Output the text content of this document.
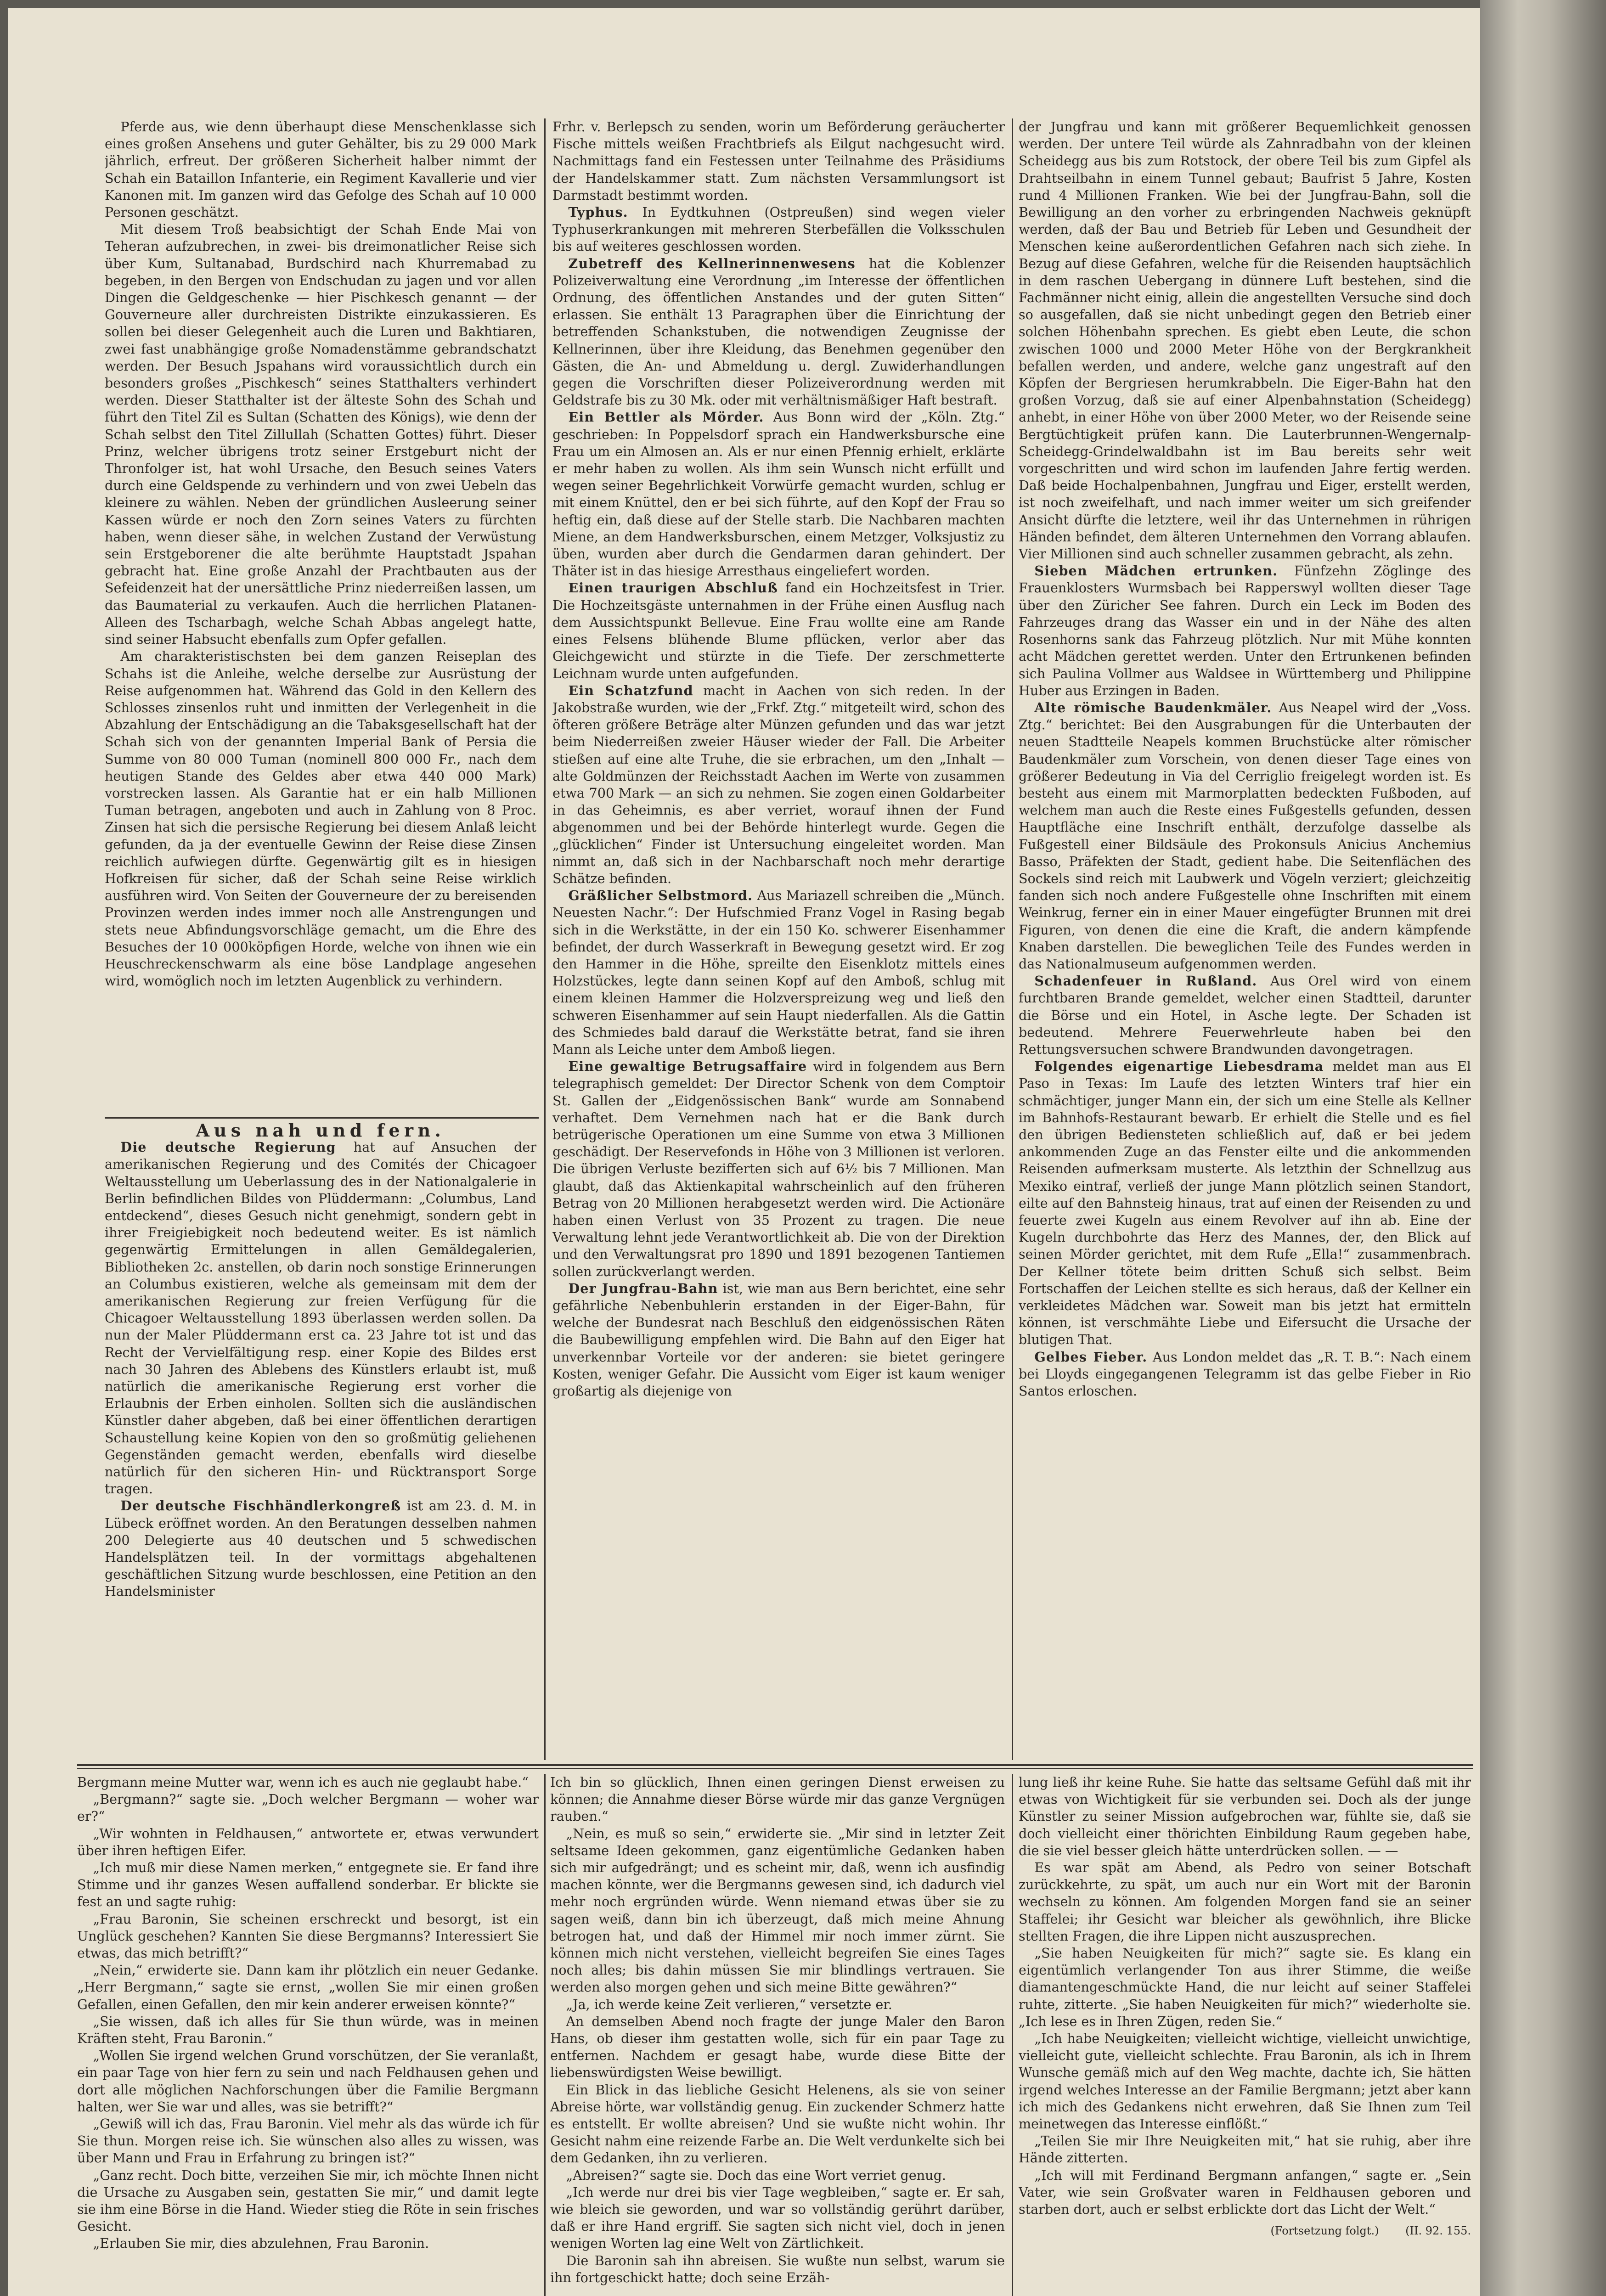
Pferde aus, wie denn überhaupt diese Menschenklasse sich eines großen Ansehens und guter Gehälter, bis zu 29 000 Mark jährlich, erfreut. Der größeren Sicherheit halber nimmt der Schah ein Bataillon Infanterie, ein Regiment Kavallerie und vier Kanonen mit. Im ganzen wird das Gefolge des Schah auf 10 000 Personen geschätzt.

Mit diesem Troß beabsichtigt der Schah Ende Mai von Teheran aufzubrechen, in zwei- bis dreimonatlicher Reise sich über Kum, Sultanabad, Burdschird nach Khurremabad zu begeben, in den Bergen von Endschudan zu jagen und vor allen Dingen die Geldgeschenke — hier Pischkesch genannt — der Gouverneure aller durchreisten Distrikte einzukassieren. Es sollen bei dieser Gelegenheit auch die Luren und Bakhtiaren, zwei fast unabhängige große Nomadenstämme gebrandschatzt werden. Der Besuch Jspahans wird voraussichtlich durch ein besonders großes „Pischkesch“ seines Statthalters verhindert werden. Dieser Statthalter ist der älteste Sohn des Schah und führt den Titel Zil es Sultan (Schatten des Königs), wie denn der Schah selbst den Titel Zillullah (Schatten Gottes) führt. Dieser Prinz, welcher übrigens trotz seiner Erstgeburt nicht der Thronfolger ist, hat wohl Ursache, den Besuch seines Vaters durch eine Geldspende zu verhindern und von zwei Uebeln das kleinere zu wählen. Neben der gründlichen Ausleerung seiner Kassen würde er noch den Zorn seines Vaters zu fürchten haben, wenn dieser sähe, in welchen Zustand der Verwüstung sein Erstgeborener die alte berühmte Hauptstadt Jspahan gebracht hat. Eine große Anzahl der Prachtbauten aus der Sefeidenzeit hat der unersättliche Prinz niederreißen lassen, um das Baumaterial zu verkaufen. Auch die herrlichen Platanen-Alleen des Tscharbagh, welche Schah Abbas angelegt hatte, sind seiner Habsucht ebenfalls zum Opfer gefallen.

Am charakteristischsten bei dem ganzen Reiseplan des Schahs ist die Anleihe, welche derselbe zur Ausrüstung der Reise aufgenommen hat. Während das Gold in den Kellern des Schlosses zinsenlos ruht und inmitten der Verlegenheit in die Abzahlung der Entschädigung an die Tabaksgesellschaft hat der Schah sich von der genannten Imperial Bank of Persia die Summe von 80 000 Tuman (nominell 800 000 Fr., nach dem heutigen Stande des Geldes aber etwa 440 000 Mark) vorstrecken lassen. Als Garantie hat er ein halb Millionen Tuman betragen, angeboten und auch in Zahlung von 8 Proc. Zinsen hat sich die persische Regierung bei diesem Anlaß leicht gefunden, da ja der eventuelle Gewinn der Reise diese Zinsen reichlich aufwiegen dürfte. Gegenwärtig gilt es in hiesigen Hofkreisen für sicher, daß der Schah seine Reise wirklich ausführen wird. Von Seiten der Gouverneure der zu bereisenden Provinzen werden indes immer noch alle Anstrengungen und stets neue Abfindungsvorschläge gemacht, um die Ehre des Besuches der 10 000köpfigen Horde, welche von ihnen wie ein Heuschreckenschwarm als eine böse Landplage angesehen wird, womöglich noch im letzten Augenblick zu verhindern.

Aus nah und fern.

Die deutsche Regierung hat auf Ansuchen der amerikanischen Regierung und des Comités der Chicagoer Weltausstellung um Ueberlassung des in der Nationalgalerie in Berlin befindlichen Bildes von Plüddermann: „Columbus, Land entdeckend“, dieses Gesuch nicht genehmigt, sondern gebt in ihrer Freigiebigkeit noch bedeutend weiter. Es ist nämlich gegenwärtig Ermittelungen in allen Gemäldegalerien, Bibliotheken 2c. anstellen, ob darin noch sonstige Erinnerungen an Columbus existieren, welche als gemeinsam mit dem der amerikanischen Regierung zur freien Verfügung für die Chicagoer Weltausstellung 1893 überlassen werden sollen. Da nun der Maler Plüddermann erst ca. 23 Jahre tot ist und das Recht der Vervielfältigung resp. einer Kopie des Bildes erst nach 30 Jahren des Ablebens des Künstlers erlaubt ist, muß natürlich die amerikanische Regierung erst vorher die Erlaubnis der Erben einholen. Sollten sich die ausländischen Künstler daher abgeben, daß bei einer öffentlichen derartigen Schaustellung keine Kopien von den so großmütig geliehenen Gegenständen gemacht werden, ebenfalls wird dieselbe natürlich für den sicheren Hin- und Rücktransport Sorge tragen.

Der deutsche Fischhändlerkongreß ist am 23. d. M. in Lübeck eröffnet worden. An den Beratungen desselben nahmen 200 Delegierte aus 40 deutschen und 5 schwedischen Handelsplätzen teil. In der vormittags abgehaltenen geschäftlichen Sitzung wurde beschlossen, eine Petition an den Handelsminister

Frhr. v. Berlepsch zu senden, worin um Beförderung geräucherter Fische mittels weißen Frachtbriefs als Eilgut nachgesucht wird. Nachmittags fand ein Festessen unter Teilnahme des Präsidiums der Handelskammer statt. Zum nächsten Versammlungsort ist Darmstadt bestimmt worden.

Typhus. In Eydtkuhnen (Ostpreußen) sind wegen vieler Typhuserkrankungen mit mehreren Sterbefällen die Volksschulen bis auf weiteres geschlossen worden.

Zubetreff des Kellnerinnenwesens hat die Koblenzer Polizeiverwaltung eine Verordnung „im Interesse der öffentlichen Ordnung, des öffentlichen Anstandes und der guten Sitten“ erlassen. Sie enthält 13 Paragraphen über die Einrichtung der betreffenden Schankstuben, die notwendigen Zeugnisse der Kellnerinnen, über ihre Kleidung, das Benehmen gegenüber den Gästen, die An- und Abmeldung u. dergl. Zuwiderhandlungen gegen die Vorschriften dieser Polizeiverordnung werden mit Geldstrafe bis zu 30 Mk. oder mit verhältnismäßiger Haft bestraft.

Ein Bettler als Mörder. Aus Bonn wird der „Köln. Ztg.“ geschrieben: In Poppelsdorf sprach ein Handwerksbursche eine Frau um ein Almosen an. Als er nur einen Pfennig erhielt, erklärte er mehr haben zu wollen. Als ihm sein Wunsch nicht erfüllt und wegen seiner Begehrlichkeit Vorwürfe gemacht wurden, schlug er mit einem Knüttel, den er bei sich führte, auf den Kopf der Frau so heftig ein, daß diese auf der Stelle starb. Die Nachbaren machten Miene, an dem Handwerksburschen, einem Metzger, Volksjustiz zu üben, wurden aber durch die Gendarmen daran gehindert. Der Thäter ist in das hiesige Arresthaus eingeliefert worden.

Einen traurigen Abschluß fand ein Hochzeitsfest in Trier. Die Hochzeitsgäste unternahmen in der Frühe einen Ausflug nach dem Aussichtspunkt Bellevue. Eine Frau wollte eine am Rande eines Felsens blühende Blume pflücken, verlor aber das Gleichgewicht und stürzte in die Tiefe. Der zerschmetterte Leichnam wurde unten aufgefunden.

Ein Schatzfund macht in Aachen von sich reden. In der Jakobstraße wurden, wie der „Frkf. Ztg.“ mitgeteilt wird, schon des öfteren größere Beträge alter Münzen gefunden und das war jetzt beim Niederreißen zweier Häuser wieder der Fall. Die Arbeiter stießen auf eine alte Truhe, die sie erbrachen, um den „Inhalt — alte Goldmünzen der Reichsstadt Aachen im Werte von zusammen etwa 700 Mark — an sich zu nehmen. Sie zogen einen Goldarbeiter in das Geheimnis, es aber verriet, worauf ihnen der Fund abgenommen und bei der Behörde hinterlegt wurde. Gegen die „glücklichen“ Finder ist Untersuchung eingeleitet worden. Man nimmt an, daß sich in der Nachbarschaft noch mehr derartige Schätze befinden.

Gräßlicher Selbstmord. Aus Mariazell schreiben die „Münch. Neuesten Nachr.“: Der Hufschmied Franz Vogel in Rasing begab sich in die Werkstätte, in der ein 150 Ko. schwerer Eisenhammer befindet, der durch Wasserkraft in Bewegung gesetzt wird. Er zog den Hammer in die Höhe, spreilte den Eisenklotz mittels eines Holzstückes, legte dann seinen Kopf auf den Amboß, schlug mit einem kleinen Hammer die Holzverspreizung weg und ließ den schweren Eisenhammer auf sein Haupt niederfallen. Als die Gattin des Schmiedes bald darauf die Werkstätte betrat, fand sie ihren Mann als Leiche unter dem Amboß liegen.

Eine gewaltige Betrugsaffaire wird in folgendem aus Bern telegraphisch gemeldet: Der Director Schenk von dem Comptoir St. Gallen der „Eidgenössischen Bank“ wurde am Sonnabend verhaftet. Dem Vernehmen nach hat er die Bank durch betrügerische Operationen um eine Summe von etwa 3 Millionen geschädigt. Der Reservefonds in Höhe von 3 Millionen ist verloren. Die übrigen Verluste bezifferten sich auf 6½ bis 7 Millionen. Man glaubt, daß das Aktienkapital wahrscheinlich auf den früheren Betrag von 20 Millionen herabgesetzt werden wird. Die Actionäre haben einen Verlust von 35 Prozent zu tragen. Die neue Verwaltung lehnt jede Verantwortlichkeit ab. Die von der Direktion und den Verwaltungsrat pro 1890 und 1891 bezogenen Tantiemen sollen zurückverlangt werden.

Der Jungfrau-Bahn ist, wie man aus Bern berichtet, eine sehr gefährliche Nebenbuhlerin erstanden in der Eiger-Bahn, für welche der Bundesrat nach Beschluß den eidgenössischen Räten die Baubewilligung empfehlen wird. Die Bahn auf den Eiger hat unverkennbar Vorteile vor der anderen: sie bietet geringere Kosten, weniger Gefahr. Die Aussicht vom Eiger ist kaum weniger großartig als diejenige von

der Jungfrau und kann mit größerer Bequemlichkeit genossen werden. Der untere Teil würde als Zahnradbahn von der kleinen Scheidegg aus bis zum Rotstock, der obere Teil bis zum Gipfel als Drahtseilbahn in einem Tunnel gebaut; Baufrist 5 Jahre, Kosten rund 4 Millionen Franken. Wie bei der Jungfrau-Bahn, soll die Bewilligung an den vorher zu erbringenden Nachweis geknüpft werden, daß der Bau und Betrieb für Leben und Gesundheit der Menschen keine außerordentlichen Gefahren nach sich ziehe. In Bezug auf diese Gefahren, welche für die Reisenden hauptsächlich in dem raschen Uebergang in dünnere Luft bestehen, sind die Fachmänner nicht einig, allein die angestellten Versuche sind doch so ausgefallen, daß sie nicht unbedingt gegen den Betrieb einer solchen Höhenbahn sprechen. Es giebt eben Leute, die schon zwischen 1000 und 2000 Meter Höhe von der Bergkrankheit befallen werden, und andere, welche ganz ungestraft auf den Köpfen der Bergriesen herumkrabbeln. Die Eiger-Bahn hat den großen Vorzug, daß sie auf einer Alpenbahnstation (Scheidegg) anhebt, in einer Höhe von über 2000 Meter, wo der Reisende seine Bergtüchtigkeit prüfen kann. Die Lauterbrunnen-Wengernalp-Scheidegg-Grindelwaldbahn ist im Bau bereits sehr weit vorgeschritten und wird schon im laufenden Jahre fertig werden. Daß beide Hochalpenbahnen, Jungfrau und Eiger, erstellt werden, ist noch zweifelhaft, und nach immer weiter um sich greifender Ansicht dürfte die letztere, weil ihr das Unternehmen in rührigen Händen befindet, dem älteren Unternehmen den Vorrang ablaufen. Vier Millionen sind auch schneller zusammen gebracht, als zehn.

Sieben Mädchen ertrunken. Fünfzehn Zöglinge des Frauenklosters Wurmsbach bei Rapperswyl wollten dieser Tage über den Züricher See fahren. Durch ein Leck im Boden des Fahrzeuges drang das Wasser ein und in der Nähe des alten Rosenhorns sank das Fahrzeug plötzlich. Nur mit Mühe konnten acht Mädchen gerettet werden. Unter den Ertrunkenen befinden sich Paulina Vollmer aus Waldsee in Württemberg und Philippine Huber aus Erzingen in Baden.

Alte römische Baudenkmäler. Aus Neapel wird der „Voss. Ztg.“ berichtet: Bei den Ausgrabungen für die Unterbauten der neuen Stadtteile Neapels kommen Bruchstücke alter römischer Baudenkmäler zum Vorschein, von denen dieser Tage eines von größerer Bedeutung in Via del Cerriglio freigelegt worden ist. Es besteht aus einem mit Marmorplatten bedeckten Fußboden, auf welchem man auch die Reste eines Fußgestells gefunden, dessen Hauptfläche eine Inschrift enthält, derzufolge dasselbe als Fußgestell einer Bildsäule des Prokonsuls Anicius Anchemius Basso, Präfekten der Stadt, gedient habe. Die Seitenflächen des Sockels sind reich mit Laubwerk und Vögeln verziert; gleichzeitig fanden sich noch andere Fußgestelle ohne Inschriften mit einem Weinkrug, ferner ein in einer Mauer eingefügter Brunnen mit drei Figuren, von denen die eine die Kraft, die andern kämpfende Knaben darstellen. Die beweglichen Teile des Fundes werden in das Nationalmuseum aufgenommen werden.

Schadenfeuer in Rußland. Aus Orel wird von einem furchtbaren Brande gemeldet, welcher einen Stadtteil, darunter die Börse und ein Hotel, in Asche legte. Der Schaden ist bedeutend. Mehrere Feuerwehrleute haben bei den Rettungsversuchen schwere Brandwunden davongetragen.

Folgendes eigenartige Liebesdrama meldet man aus El Paso in Texas: Im Laufe des letzten Winters traf hier ein schmächtiger, junger Mann ein, der sich um eine Stelle als Kellner im Bahnhofs-Restaurant bewarb. Er erhielt die Stelle und es fiel den übrigen Bediensteten schließlich auf, daß er bei jedem ankommenden Zuge an das Fenster eilte und die ankommenden Reisenden aufmerksam musterte. Als letzthin der Schnellzug aus Mexiko eintraf, verließ der junge Mann plötzlich seinen Standort, eilte auf den Bahnsteig hinaus, trat auf einen der Reisenden zu und feuerte zwei Kugeln aus einem Revolver auf ihn ab. Eine der Kugeln durchbohrte das Herz des Mannes, der, den Blick auf seinen Mörder gerichtet, mit dem Rufe „Ella!“ zusammenbrach. Der Kellner tötete beim dritten Schuß sich selbst. Beim Fortschaffen der Leichen stellte es sich heraus, daß der Kellner ein verkleidetes Mädchen war. Soweit man bis jetzt hat ermitteln können, ist verschmähte Liebe und Eifersucht die Ursache der blutigen That.

Gelbes Fieber. Aus London meldet das „R. T. B.“: Nach einem bei Lloyds eingegangenen Telegramm ist das gelbe Fieber in Rio Santos erloschen.

Bergmann meine Mutter war, wenn ich es auch nie geglaubt habe.“

„Bergmann?“ sagte sie. „Doch welcher Bergmann — woher war er?“

„Wir wohnten in Feldhausen,“ antwortete er, etwas verwundert über ihren heftigen Eifer.

„Ich muß mir diese Namen merken,“ entgegnete sie. Er fand ihre Stimme und ihr ganzes Wesen auffallend sonderbar. Er blickte sie fest an und sagte ruhig:

„Frau Baronin, Sie scheinen erschreckt und besorgt, ist ein Unglück geschehen? Kannten Sie diese Bergmanns? Interessiert Sie etwas, das mich betrifft?“

„Nein,“ erwiderte sie. Dann kam ihr plötzlich ein neuer Gedanke. „Herr Bergmann,“ sagte sie ernst, „wollen Sie mir einen großen Gefallen, einen Gefallen, den mir kein anderer erweisen könnte?“

„Sie wissen, daß ich alles für Sie thun würde, was in meinen Kräften steht, Frau Baronin.“

„Wollen Sie irgend welchen Grund vorschützen, der Sie veranlaßt, ein paar Tage von hier fern zu sein und nach Feldhausen gehen und dort alle möglichen Nachforschungen über die Familie Bergmann halten, wer Sie war und alles, was sie betrifft?“

„Gewiß will ich das, Frau Baronin. Viel mehr als das würde ich für Sie thun. Morgen reise ich. Sie wünschen also alles zu wissen, was über Mann und Frau in Erfahrung zu bringen ist?“

„Ganz recht. Doch bitte, verzeihen Sie mir, ich möchte Ihnen nicht die Ursache zu Ausgaben sein, gestatten Sie mir,“ und damit legte sie ihm eine Börse in die Hand. Wieder stieg die Röte in sein frisches Gesicht.

„Erlauben Sie mir, dies abzulehnen, Frau Baronin.

Ich bin so glücklich, Ihnen einen geringen Dienst erweisen zu können; die Annahme dieser Börse würde mir das ganze Vergnügen rauben.“

„Nein, es muß so sein,“ erwiderte sie. „Mir sind in letzter Zeit seltsame Ideen gekommen, ganz eigentümliche Gedanken haben sich mir aufgedrängt; und es scheint mir, daß, wenn ich ausfindig machen könnte, wer die Bergmanns gewesen sind, ich dadurch viel mehr noch ergründen würde. Wenn niemand etwas über sie zu sagen weiß, dann bin ich überzeugt, daß mich meine Ahnung betrogen hat, und daß der Himmel mir noch immer zürnt. Sie können mich nicht verstehen, vielleicht begreifen Sie eines Tages noch alles; bis dahin müssen Sie mir blindlings vertrauen. Sie werden also morgen gehen und sich meine Bitte gewähren?“

„Ja, ich werde keine Zeit verlieren,“ versetzte er.

An demselben Abend noch fragte der junge Maler den Baron Hans, ob dieser ihm gestatten wolle, sich für ein paar Tage zu entfernen. Nachdem er gesagt habe, wurde diese Bitte der liebenswürdigsten Weise bewilligt.

Ein Blick in das liebliche Gesicht Helenens, als sie von seiner Abreise hörte, war vollständig genug. Ein zuckender Schmerz hatte es entstellt. Er wollte abreisen? Und sie wußte nicht wohin. Ihr Gesicht nahm eine reizende Farbe an. Die Welt verdunkelte sich bei dem Gedanken, ihn zu verlieren.

„Abreisen?“ sagte sie. Doch das eine Wort verriet genug.

„Ich werde nur drei bis vier Tage wegbleiben,“ sagte er. Er sah, wie bleich sie geworden, und war so vollständig gerührt darüber, daß er ihre Hand ergriff. Sie sagten sich nicht viel, doch in jenen wenigen Worten lag eine Welt von Zärtlichkeit.

Die Baronin sah ihn abreisen. Sie wußte nun selbst, warum sie ihn fortgeschickt hatte; doch seine Erzäh-

lung ließ ihr keine Ruhe. Sie hatte das seltsame Gefühl daß mit ihr etwas von Wichtigkeit für sie verbunden sei. Doch als der junge Künstler zu seiner Mission aufgebrochen war, fühlte sie, daß sie doch vielleicht einer thörichten Einbildung Raum gegeben habe, die sie viel besser gleich hätte unterdrücken sollen. — —

Es war spät am Abend, als Pedro von seiner Botschaft zurückkehrte, zu spät, um auch nur ein Wort mit der Baronin wechseln zu können. Am folgenden Morgen fand sie an seiner Staffelei; ihr Gesicht war bleicher als gewöhnlich, ihre Blicke stellten Fragen, die ihre Lippen nicht auszusprechen.

„Sie haben Neuigkeiten für mich?“ sagte sie. Es klang ein eigentümlich verlangender Ton aus ihrer Stimme, die weiße diamantengeschmückte Hand, die nur leicht auf seiner Staffelei ruhte, zitterte. „Sie haben Neuigkeiten für mich?“ wiederholte sie. „Ich lese es in Ihren Zügen, reden Sie.“

„Ich habe Neuigkeiten; vielleicht wichtige, vielleicht unwichtige, vielleicht gute, vielleicht schlechte. Frau Baronin, als ich in Ihrem Wunsche gemäß mich auf den Weg machte, dachte ich, Sie hätten irgend welches Interesse an der Familie Bergmann; jetzt aber kann ich mich des Gedankens nicht erwehren, daß Sie Ihnen zum Teil meinetwegen das Interesse einflößt.“

„Teilen Sie mir Ihre Neuigkeiten mit,“ hat sie ruhig, aber ihre Hände zitterten.

„Ich will mit Ferdinand Bergmann anfangen,“ sagte er. „Sein Vater, wie sein Großvater waren in Feldhausen geboren und starben dort, auch er selbst erblickte dort das Licht der Welt.“

(Fortsetzung folgt.) (II. 92. 155.
